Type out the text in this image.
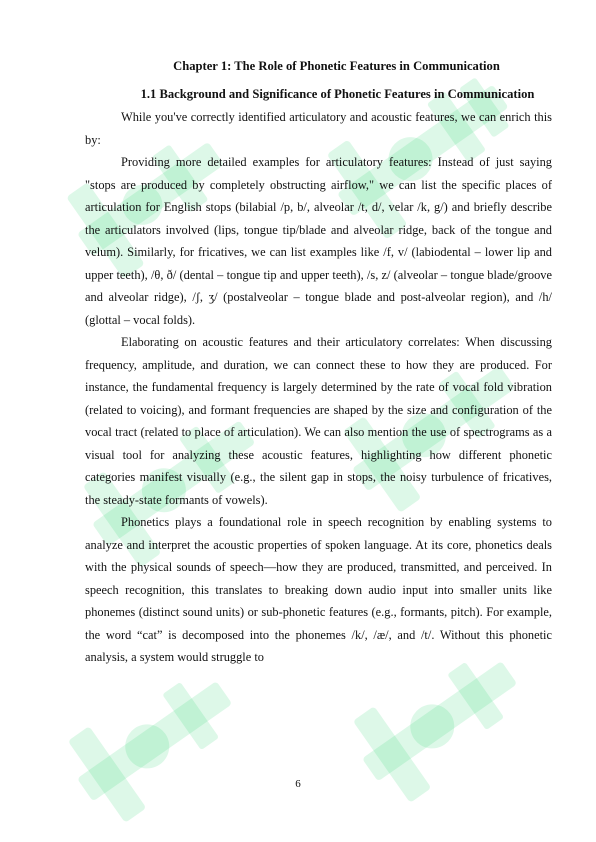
Chapter 1: The Role of Phonetic Features in Communication
1.1 Background and Significance of Phonetic Features in Communication

While you've correctly identified articulatory and acoustic features, we can enrich this by:

Providing more detailed examples for articulatory features: Instead of just saying "stops are produced by completely obstructing airflow," we can list the specific places of articulation for English stops (bilabial /p, b/, alveolar /t, d/, velar /k, g/) and briefly describe the articulators involved (lips, tongue tip/blade and alveolar ridge, back of the tongue and velum). Similarly, for fricatives, we can list examples like /f, v/ (labiodental – lower lip and upper teeth), /θ, ð/ (dental – tongue tip and upper teeth), /s, z/ (alveolar – tongue blade/groove and alveolar ridge), /ʃ, ʒ/ (postalveolar – tongue blade and post-alveolar region), and /h/ (glottal – vocal folds).

Elaborating on acoustic features and their articulatory correlates: When discussing frequency, amplitude, and duration, we can connect these to how they are produced. For instance, the fundamental frequency is largely determined by the rate of vocal fold vibration (related to voicing), and formant frequencies are shaped by the size and configuration of the vocal tract (related to place of articulation). We can also mention the use of spectrograms as a visual tool for analyzing these acoustic features, highlighting how different phonetic categories manifest visually (e.g., the silent gap in stops, the noisy turbulence of fricatives, the steady-state formants of vowels).

Phonetics plays a foundational role in speech recognition by enabling systems to analyze and interpret the acoustic properties of spoken language. At its core, phonetics deals with the physical sounds of speech—how they are produced, transmitted, and perceived. In speech recognition, this translates to breaking down audio input into smaller units like phonemes (distinct sound units) or sub-phonetic features (e.g., formants, pitch). For example, the word “cat” is decomposed into the phonemes /k/, /æ/, and /t/. Without this phonetic analysis, a system would struggle to

6
